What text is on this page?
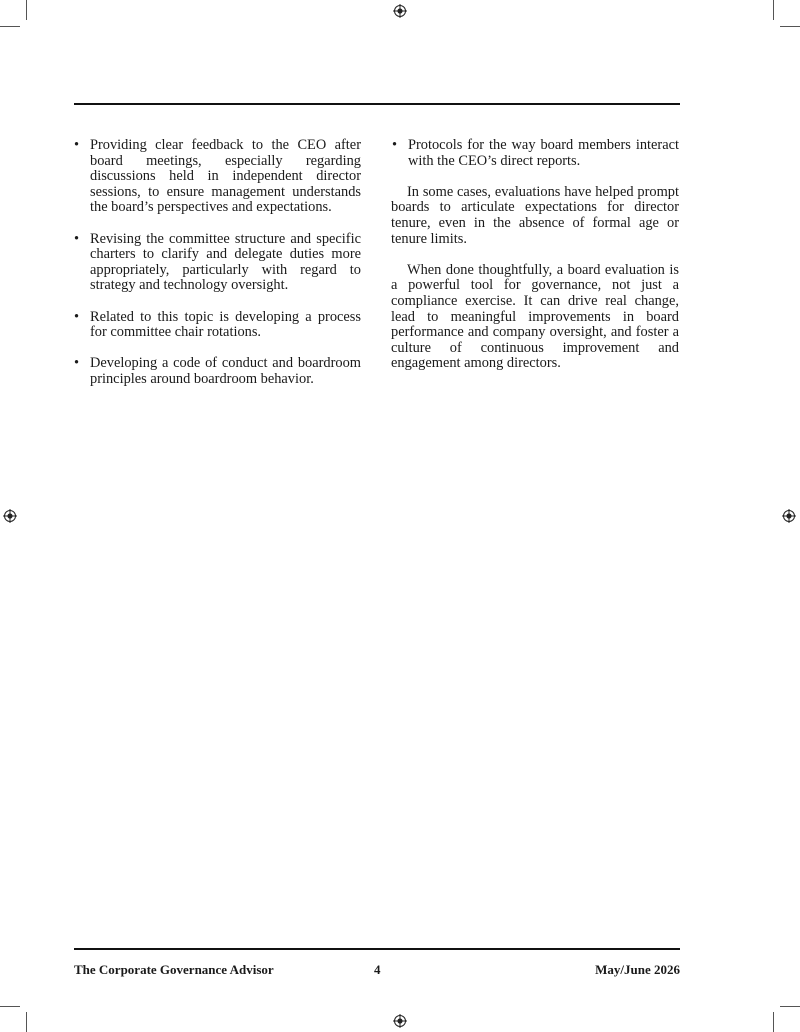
• Providing clear feedback to the CEO after board meetings, especially regarding discussions held in independent director sessions, to ensure management understands the board’s perspectives and expectations.
• Revising the committee structure and specific charters to clarify and delegate duties more appropriately, particularly with regard to strategy and technology oversight.
• Related to this topic is developing a process for committee chair rotations.
• Developing a code of conduct and boardroom principles around boardroom behavior.
• Protocols for the way board members interact with the CEO’s direct reports.

In some cases, evaluations have helped prompt boards to articulate expectations for director tenure, even in the absence of formal age or tenure limits.

When done thoughtfully, a board evaluation is a powerful tool for governance, not just a compliance exercise. It can drive real change, lead to meaningful improvements in board performance and company oversight, and foster a culture of continuous improvement and engagement among directors.

The Corporate Governance Advisor	4	May/June 2026
